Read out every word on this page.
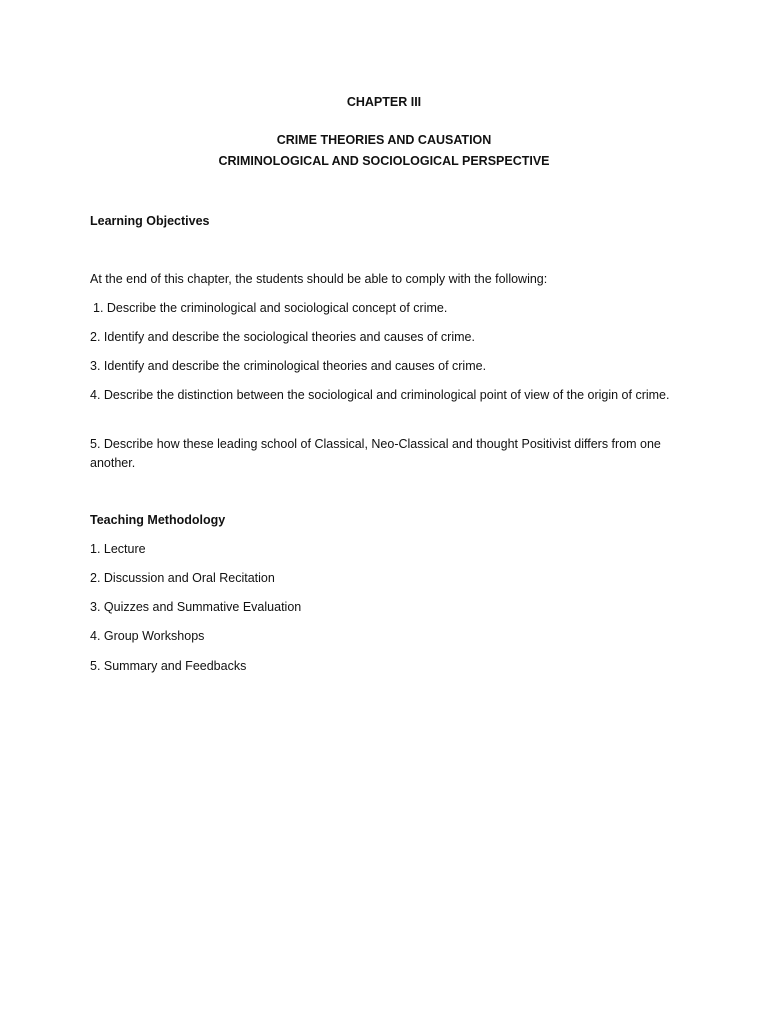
CHAPTER III
CRIME THEORIES AND CAUSATION
CRIMINOLOGICAL AND SOCIOLOGICAL PERSPECTIVE
Learning Objectives

At the end of this chapter, the students should be able to comply with the following:

1. Describe the criminological and sociological concept of crime.

2. Identify and describe the sociological theories and causes of crime.

3. Identify and describe the criminological theories and causes of crime.

4. Describe the distinction between the sociological and criminological point of view of the origin of crime.

5. Describe how these leading school of Classical, Neo-Classical and thought Positivist differs from one another.

Teaching Methodology

1. Lecture

2. Discussion and Oral Recitation

3. Quizzes and Summative Evaluation

4. Group Workshops

5. Summary and Feedbacks
